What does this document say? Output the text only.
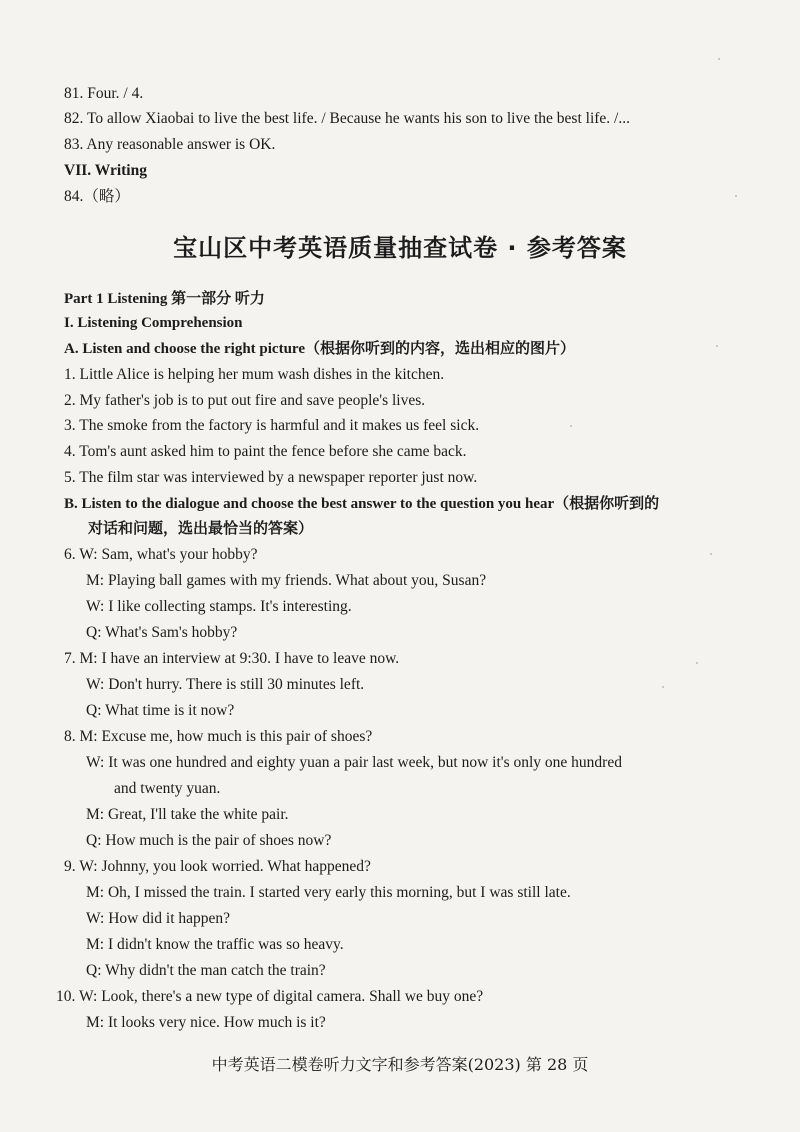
81. Four. / 4.
82. To allow Xiaobai to live the best life. / Because he wants his son to live the best life. /...
83. Any reasonable answer is OK.
VII. Writing
84.（略）
宝山区中考英语质量抽查试卷 · 参考答案
Part 1 Listening 第一部分 听力
I. Listening Comprehension
A. Listen and choose the right picture（根据你听到的内容，选出相应的图片）
1. Little Alice is helping her mum wash dishes in the kitchen.
2. My father's job is to put out fire and save people's lives.
3. The smoke from the factory is harmful and it makes us feel sick.
4. Tom's aunt asked him to paint the fence before she came back.
5. The film star was interviewed by a newspaper reporter just now.
B. Listen to the dialogue and choose the best answer to the question you hear（根据你听到的
对话和问题，选出最恰当的答案）
6. W: Sam, what's your hobby?
M: Playing ball games with my friends. What about you, Susan?
W: I like collecting stamps. It's interesting.
Q: What's Sam's hobby?
7. M: I have an interview at 9:30. I have to leave now.
W: Don't hurry. There is still 30 minutes left.
Q: What time is it now?
8. M: Excuse me, how much is this pair of shoes?
W: It was one hundred and eighty yuan a pair last week, but now it's only one hundred
and twenty yuan.
M: Great, I'll take the white pair.
Q: How much is the pair of shoes now?
9. W: Johnny, you look worried. What happened?
M: Oh, I missed the train. I started very early this morning, but I was still late.
W: How did it happen?
M: I didn't know the traffic was so heavy.
Q: Why didn't the man catch the train?
10. W: Look, there's a new type of digital camera. Shall we buy one?
M: It looks very nice. How much is it?
中考英语二模卷听力文字和参考答案(2023) 第 28 页
